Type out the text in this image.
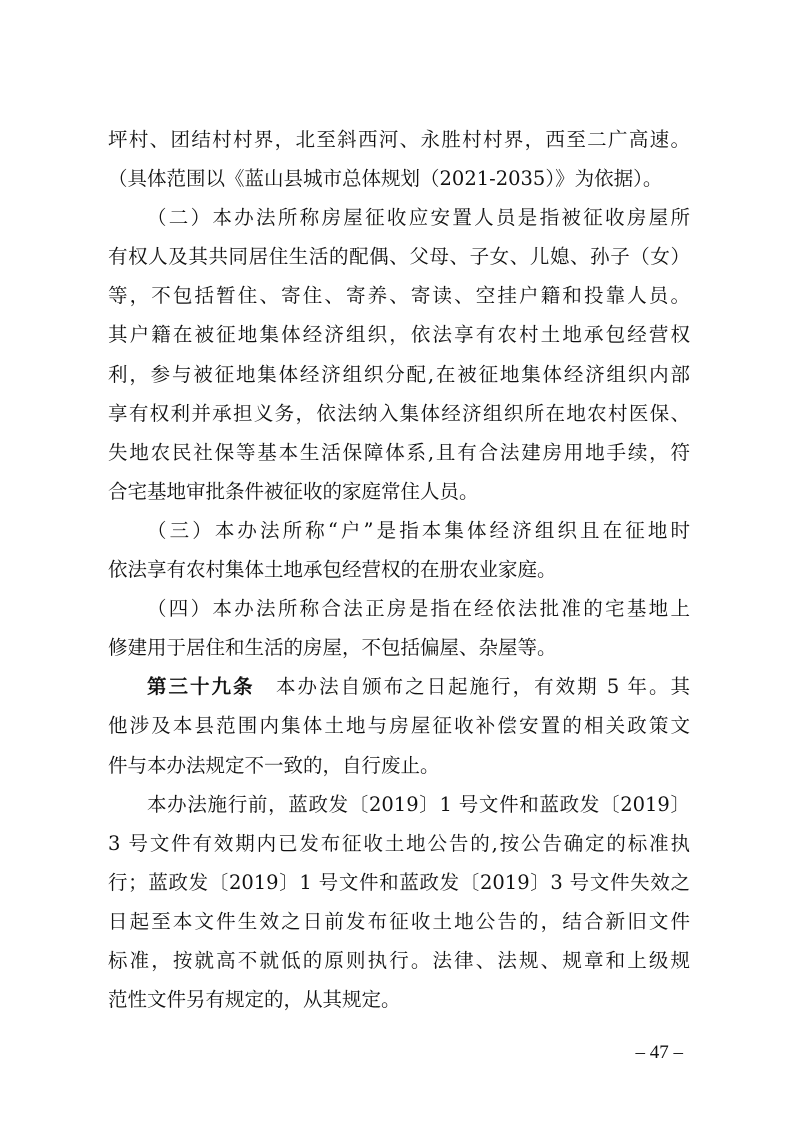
坪村、团结村村界，北至斜西河、永胜村村界，西至二广高速。
（具体范围以《蓝山县城市总体规划（2021-2035）》为依据）。
（二）本办法所称房屋征收应安置人员是指被征收房屋所
有权人及其共同居住生活的配偶、父母、子女、儿媳、孙子（女）
等，不包括暂住、寄住、寄养、寄读、空挂户籍和投靠人员。
其户籍在被征地集体经济组织，依法享有农村土地承包经营权
利，参与被征地集体经济组织分配,在被征地集体经济组织内部
享有权利并承担义务，依法纳入集体经济组织所在地农村医保、
失地农民社保等基本生活保障体系,且有合法建房用地手续，符
合宅基地审批条件被征收的家庭常住人员。
（三）本办法所称“户”是指本集体经济组织且在征地时
依法享有农村集体土地承包经营权的在册农业家庭。
（四）本办法所称合法正房是指在经依法批准的宅基地上
修建用于居住和生活的房屋，不包括偏屋、杂屋等。
第三十九条　本办法自颁布之日起施行，有效期 5 年。其
他涉及本县范围内集体土地与房屋征收补偿安置的相关政策文
件与本办法规定不一致的，自行废止。
本办法施行前，蓝政发〔2019〕1 号文件和蓝政发〔2019〕
3 号文件有效期内已发布征收土地公告的,按公告确定的标准执
行；蓝政发〔2019〕1 号文件和蓝政发〔2019〕3 号文件失效之
日起至本文件生效之日前发布征收土地公告的，结合新旧文件
标准，按就高不就低的原则执行。法律、法规、规章和上级规
范性文件另有规定的，从其规定。
– 47 –
